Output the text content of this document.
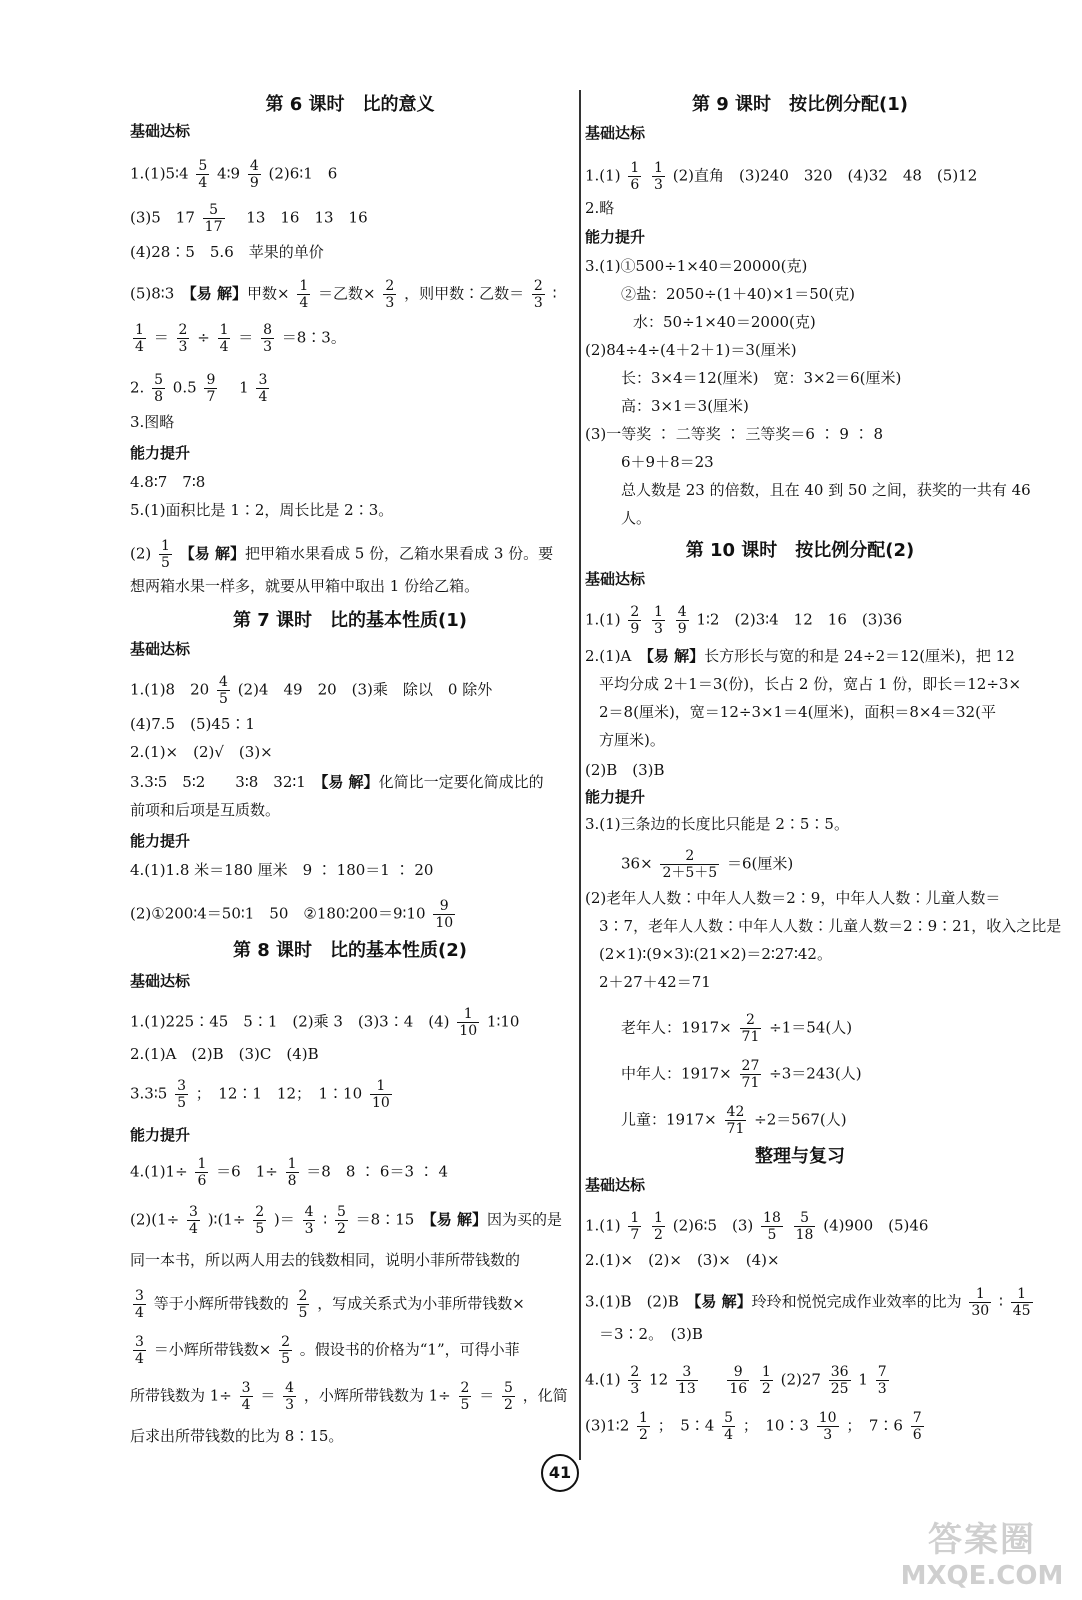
第 6 课时　比的意义
基础达标
1.(1)5∶4 $\frac{5}{4}$ 4∶9 $\frac{4}{9}$ (2)6∶1　6
(3)5　$17 \frac{5}{17} 13$　16　13　16
(4)28∶5　5.6　苹果的单价
(5)8∶3　【易 解】甲数× $\frac{1}{4}$ ＝乙数× $\frac{2}{3}$ ，则甲数∶乙数＝ $\frac{2}{3}$ ∶
$\frac{1}{4} = \frac{2}{3} \div \frac{1}{4} = \frac{8}{3}$ ＝8∶3。
2. $\frac{5}{8} 0.5 \frac{9}{7} 1 \frac{3}{4}$
3.图略
能力提升
4.8∶7　7∶8
5.(1)面积比是 1∶2，周长比是 2∶3。
$(2) \frac{1}{5}$ 【易 解】把甲箱水果看成 5 份，乙箱水果看成 3 份。要
想两箱水果一样多，就要从甲箱中取出 1 份给乙箱。
第 7 课时　比的基本性质(1)
基础达标
1.(1)8　$20 \frac{4}{5} (2)4$　49　20　(3)乘　除以　0 除外
(4)7.5　(5)45∶1
2.(1)×　(2)√　(3)×
3.3∶5　5∶2　　3∶8　32∶1　【易 解】化简比一定要化简成比的
前项和后项是互质数。
能力提升
4.(1)1.8 米＝180 厘米　9 ∶ 180＝1 ∶ 20
(2)①200∶4＝50∶1　50　②180∶200＝9∶10 $\frac{9}{10}$
第 8 课时　比的基本性质(2)
基础达标
1.(1)225∶45　5∶1　(2)乘 3　(3)3∶4　$(4) \frac{1}{10}$ 1∶10
2.(1)A　(2)B　(3)C　(4)B
3.3∶5 $\frac{3}{5}$ ；　12∶1　12；　1∶10 $\frac{1}{10}$
能力提升
$4.(1)1\div \frac{1}{6} =6$　$1\div \frac{1}{8} =8$　8 ∶ 6＝3 ∶ 4
$(2)(1\div \frac{3}{4}$ )∶(1÷ $\frac{2}{5}$ )＝ $\frac{4}{3}$ ∶ $\frac{5}{2}$ ＝8∶15　【易 解】因为买的是
同一本书，所以两人用去的钱数相同，说明小菲所带钱数的
$\frac{3}{4}$ 等于小辉所带钱数的 $\frac{2}{5}$ ，写成关系式为小菲所带钱数×
$\frac{3}{4}$ ＝小辉所带钱数× $\frac{2}{5}$ 。假设书的价格为“1”，可得小菲
所带钱数为 $1\div \frac{3}{4} = \frac{4}{3}$ ，小辉所带钱数为 $1\div \frac{2}{5} = \frac{5}{2}$ ，化简
后求出所带钱数的比为 8∶15。
第 9 课时　按比例分配(1)
基础达标
$1.(1) \frac{1}{6}$
$\frac{1}{3} (2)$直角　(3)240　320　(4)32　48　(5)12
2.略
能力提升
3.(1)①500÷1×40＝20000(克)
②盐：2050÷(1＋40)×1＝50(克)
水：50÷1×40＝2000(克)
(2)84÷4÷(4＋2＋1)＝3(厘米)
长：3×4＝12(厘米)　宽：3×2＝6(厘米)
高：3×1＝3(厘米)
(3)一等奖 ∶ 二等奖 ∶ 三等奖＝6 ∶ 9 ∶ 8
6＋9＋8＝23
总人数是 23 的倍数，且在 40 到 50 之间，获奖的一共有 46
人。
第 10 课时　按比例分配(2)
基础达标
$1.(1) \frac{2}{9}$
$\frac{1}{3}$
$\frac{4}{9}$ 1∶2　(2)3∶4　12　16　(3)36
2.(1)A　【易 解】长方形长与宽的和是 24÷2＝12(厘米)，把 12
平均分成 2＋1＝3(份)，长占 2 份，宽占 1 份，即长＝12÷3×
2＝8(厘米)，宽＝12÷3×1＝4(厘米)，面积＝8×4＝32(平
方厘米)。
(2)B　(3)B
能力提升
3.(1)三条边的长度比只能是 2∶5∶5。
$36\times \frac{2}{2+5+5} =6$(厘米)
(2)老年人人数∶中年人人数＝2∶9，中年人人数∶儿童人数＝
3∶7，老年人人数∶中年人人数∶儿童人数＝2∶9∶21，收入之比是
(2×1)∶(9×3)∶(21×2)＝2∶27∶42。
2＋27＋42＝71
老年人：$1917\times \frac{2}{71} \div 1=54$(人)
中年人：$1917\times \frac{27}{71} \div 3=243$(人)
儿童：$1917\times \frac{42}{71} \div 2=567$(人)
整理与复习
基础达标
$1.(1) \frac{1}{7}$
$\frac{1}{2}$ (2)6∶5　$(3) \frac{18}{5}$
$\frac{5}{18} (4)900$　(5)46
2.(1)×　(2)×　(3)×　(4)×
3.(1)B　(2)B　【易 解】玲玲和悦悦完成作业效率的比为 $\frac{1}{30}$ ∶ $\frac{1}{45}$
＝3∶2。　(3)B
$4.(1) \frac{2}{3} 12 \frac{3}{13}$
$\frac{9}{16}$
$\frac{1}{2} (2)27 \frac{36}{25} 1 \frac{7}{3}$
(3)1∶2 $\frac{1}{2}$ ；　5∶4 $\frac{5}{4}$ ；　10∶3 $\frac{10}{3}$ ；　7∶6 $\frac{7}{6}$
41
答案圈
MXQE.COM
